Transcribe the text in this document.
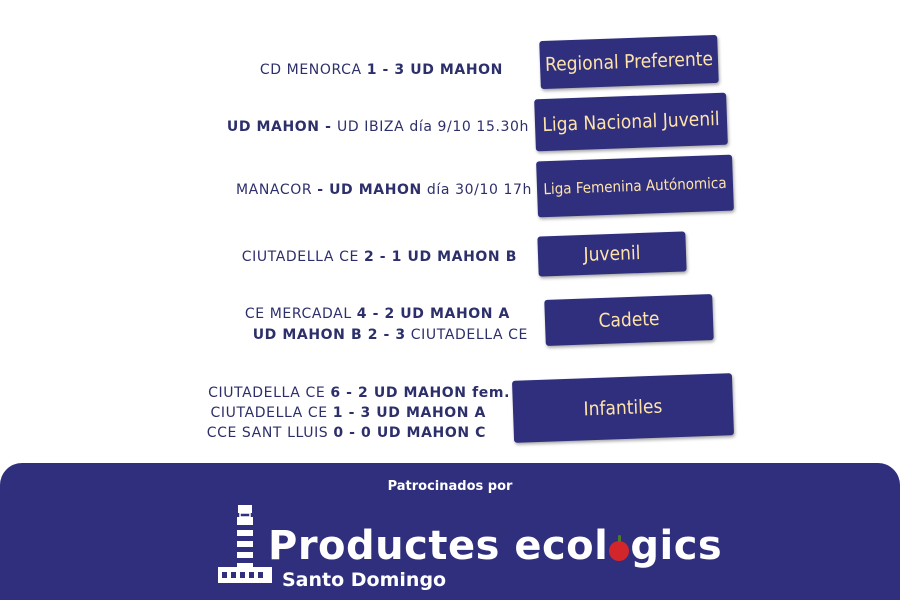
CD MENORCA 1 - 3 UD MAHON Regional Preferente
UD MAHON - UD IBIZA día 9/10 15.30h Liga Nacional Juvenil
MANACOR - UD MAHON día 30/10 17h Liga Femenina Autónomica
CIUTADELLA CE 2 - 1 UD MAHON B	Juvenil
CE MERCADAL 4 - 2 UD MAHON A
UD MAHON B 2 - 3 CIUTADELLA CE
Cadete
CIUTADELLA CE 6 - 2 UD MAHON fem.
CIUTADELLA CE 1 - 3 UD MAHON A
CCE SANT LLUIS 0 - 0 UD MAHON C
Infantiles
Patrocinados por
Productes ecol gics
Santo Domingo
